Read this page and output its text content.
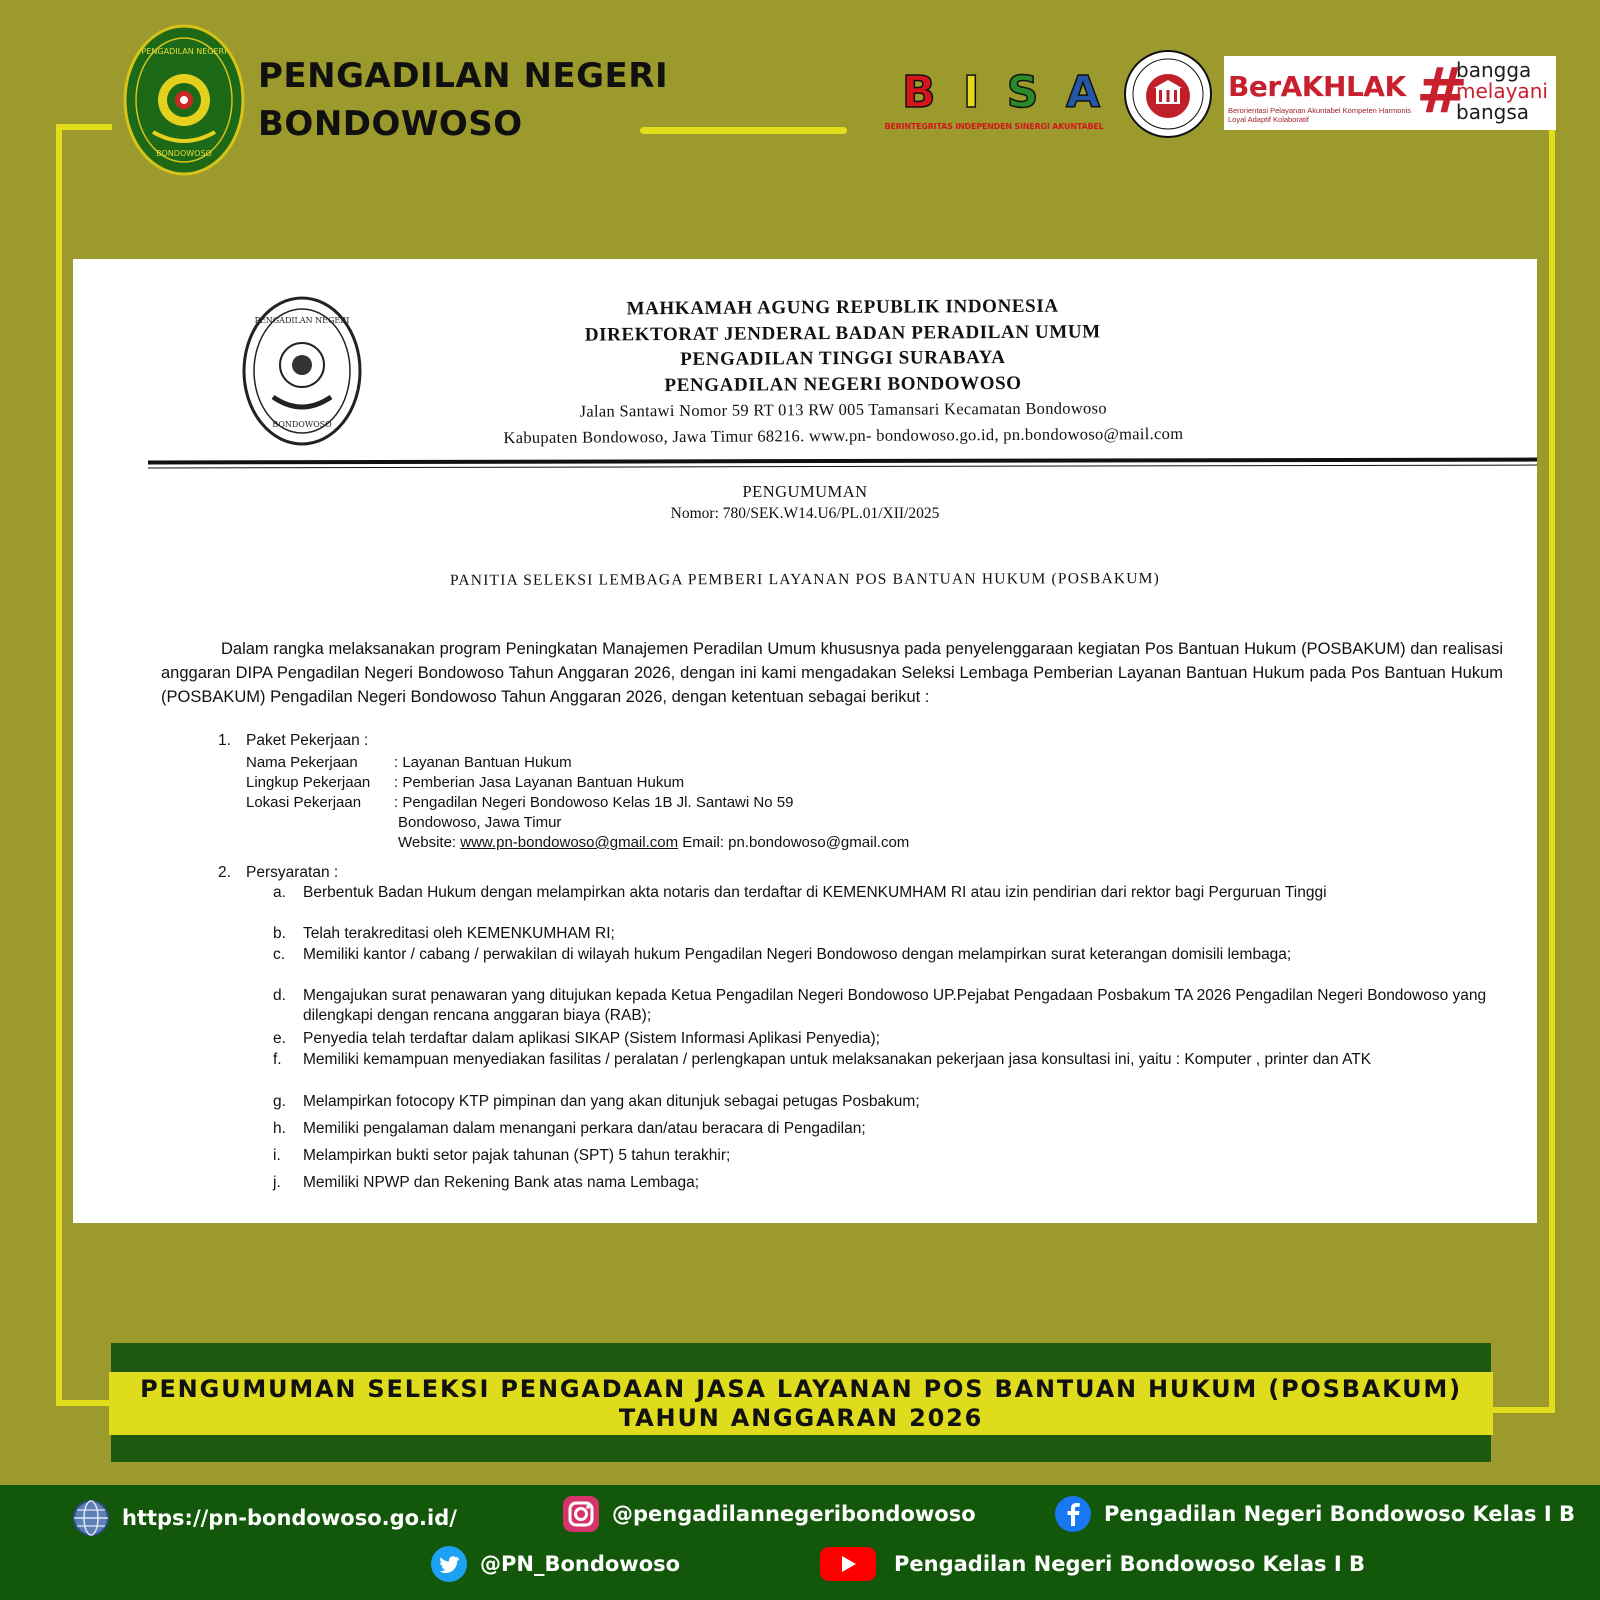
PENGADILAN NEGERI
BONDOWOSO
PENGADILAN NEGERI
BONDOWOSO
B I S A
BERINTEGRITAS INDEPENDEN SINERGI AKUNTABEL
BerAKHLAK
Berorientasi Pelayanan Akuntabel Kompeten Harmonis Loyal Adaptif Kolaboratif	#
bangga
melayani
bangsa
PENGADILAN NEGERI
BONDOWOSO
MAHKAMAH AGUNG REPUBLIK INDONESIA
DIREKTORAT JENDERAL BADAN PERADILAN UMUM
PENGADILAN TINGGI SURABAYA
PENGADILAN NEGERI BONDOWOSO
Jalan Santawi Nomor 59 RT 013 RW 005 Tamansari Kecamatan Bondowoso
Kabupaten Bondowoso, Jawa Timur 68216. www.pn- bondowoso.go.id, pn.bondowoso@mail.com
PENGUMUMAN
Nomor: 780/SEK.W14.U6/PL.01/XII/2025
PANITIA SELEKSI LEMBAGA PEMBERI LAYANAN POS BANTUAN HUKUM (POSBAKUM)

Dalam rangka melaksanakan program Peningkatan Manajemen Peradilan Umum khususnya pada penyelenggaraan kegiatan Pos Bantuan Hukum (POSBAKUM) dan realisasi anggaran DIPA Pengadilan Negeri Bondowoso Tahun Anggaran 2026, dengan ini kami mengadakan Seleksi Lembaga Pemberian Layanan Bantuan Hukum pada Pos Bantuan Hukum (POSBAKUM) Pengadilan Negeri Bondowoso Tahun Anggaran 2026, dengan ketentuan sebagai berikut :

1. Paket Pekerjaan :
Nama Pekerjaan : Layanan Bantuan Hukum
Lingkup Pekerjaan : Pemberian Jasa Layanan Bantuan Hukum
Lokasi Pekerjaan : Pengadilan Negeri Bondowoso Kelas 1B Jl. Santawi No 59
Bondowoso, Jawa Timur
Website: www.pn-bondowoso@gmail.com Email: pn.bondowoso@gmail.com
2. Persyaratan :
a.	Berbentuk Badan Hukum dengan melampirkan akta notaris dan terdaftar di KEMENKUMHAM RI atau izin pendirian dari rektor bagi Perguruan Tinggi
b.	Telah terakreditasi oleh KEMENKUMHAM RI;
c.	Memiliki kantor / cabang / perwakilan di wilayah hukum Pengadilan Negeri Bondowoso dengan melampirkan surat keterangan domisili lembaga;
d.	Mengajukan surat penawaran yang ditujukan kepada Ketua Pengadilan Negeri Bondowoso UP.Pejabat Pengadaan Posbakum TA 2026 Pengadilan Negeri Bondowoso yang dilengkapi dengan rencana anggaran biaya (RAB);
e.	Penyedia telah terdaftar dalam aplikasi SIKAP (Sistem Informasi Aplikasi Penyedia);
f.	Memiliki kemampuan menyediakan fasilitas / peralatan / perlengkapan untuk melaksanakan pekerjaan jasa konsultasi ini, yaitu : Komputer , printer dan ATK
g.	Melampirkan fotocopy KTP pimpinan dan yang akan ditunjuk sebagai petugas Posbakum;
h.	Memiliki pengalaman dalam menangani perkara dan/atau beracara di Pengadilan;
i.	Melampirkan bukti setor pajak tahunan (SPT) 5 tahun terakhir;
j.	Memiliki NPWP dan Rekening Bank atas nama Lembaga;
PENGUMUMAN SELEKSI PENGADAAN JASA LAYANAN POS BANTUAN HUKUM (POSBAKUM)
TAHUN ANGGARAN 2026
https://pn-bondowoso.go.id/	@pengadilannegeribondowoso	Pengadilan Negeri Bondowoso Kelas I B
@PN_Bondowoso	Pengadilan Negeri Bondowoso Kelas I B
